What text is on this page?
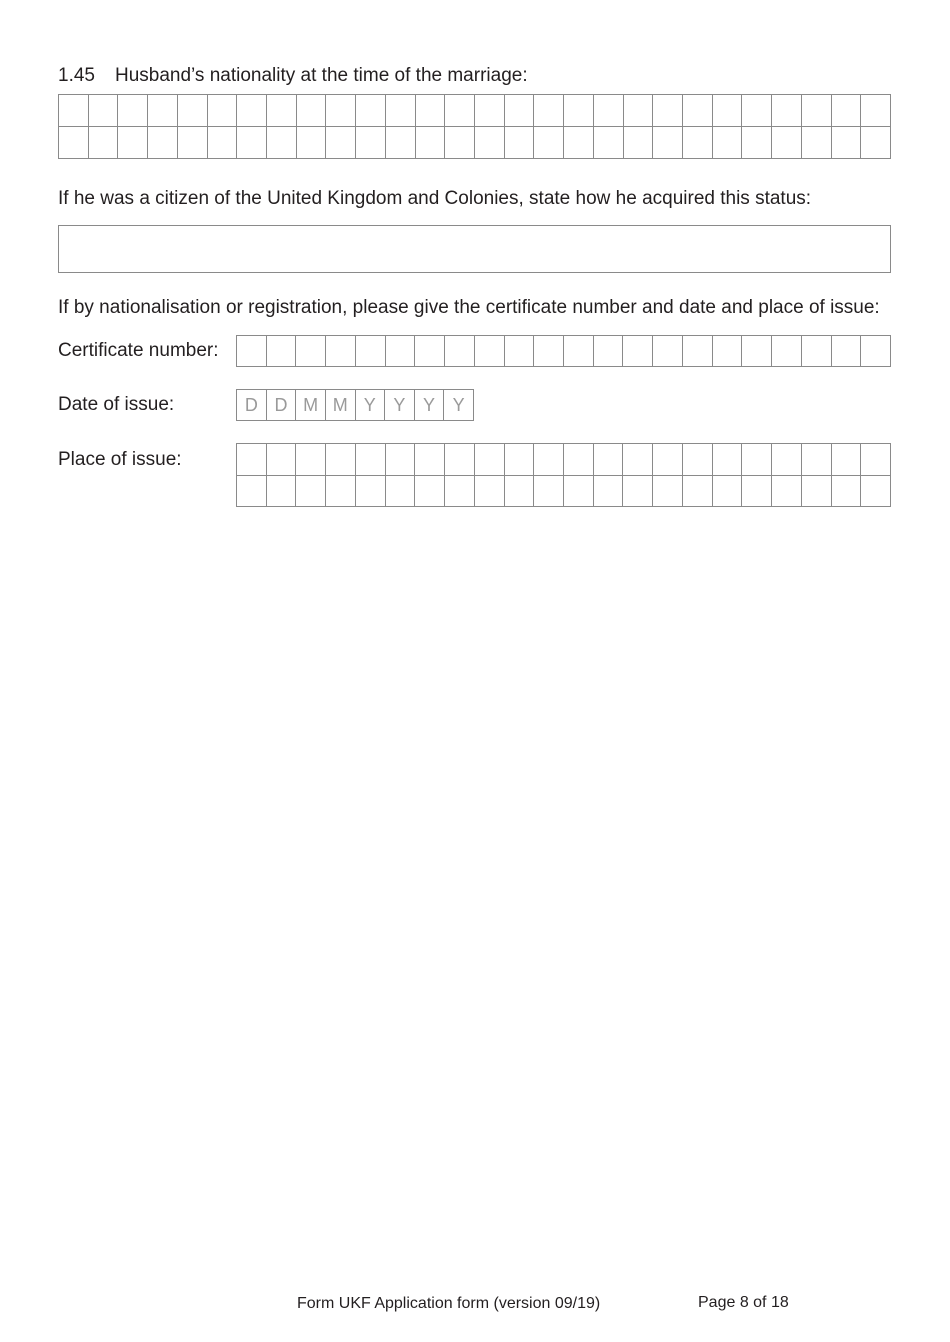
1.45 Husband’s nationality at the time of the marriage:
If he was a citizen of the United Kingdom and Colonies, state how he acquired this status:
If by nationalisation or registration, please give the certificate number and date and place of issue:
Certificate number:
Date of issue:	D D M M Y Y Y Y
Place of issue:
Form UKF Application form (version 09/19)	Page 8 of 18
